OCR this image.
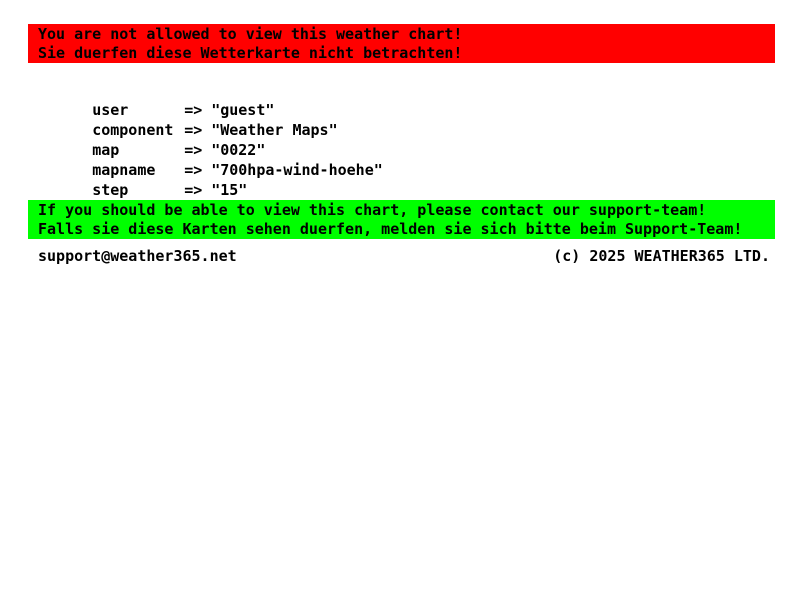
You are not allowed to view this weather chart!
Sie duerfen diese Wetterkarte nicht betrachten!

user	=> "guest"

component => "Weather Maps"

map	=> "0022"

mapname => "700hpa-wind-hoehe"

step	=> "15"

If you should be able to view this chart, please contact our support-team!
Falls sie diese Karten sehen duerfen, melden sie sich bitte beim Support-Team!
support@weather365.net	(c) 2025 WEATHER365 LTD.
